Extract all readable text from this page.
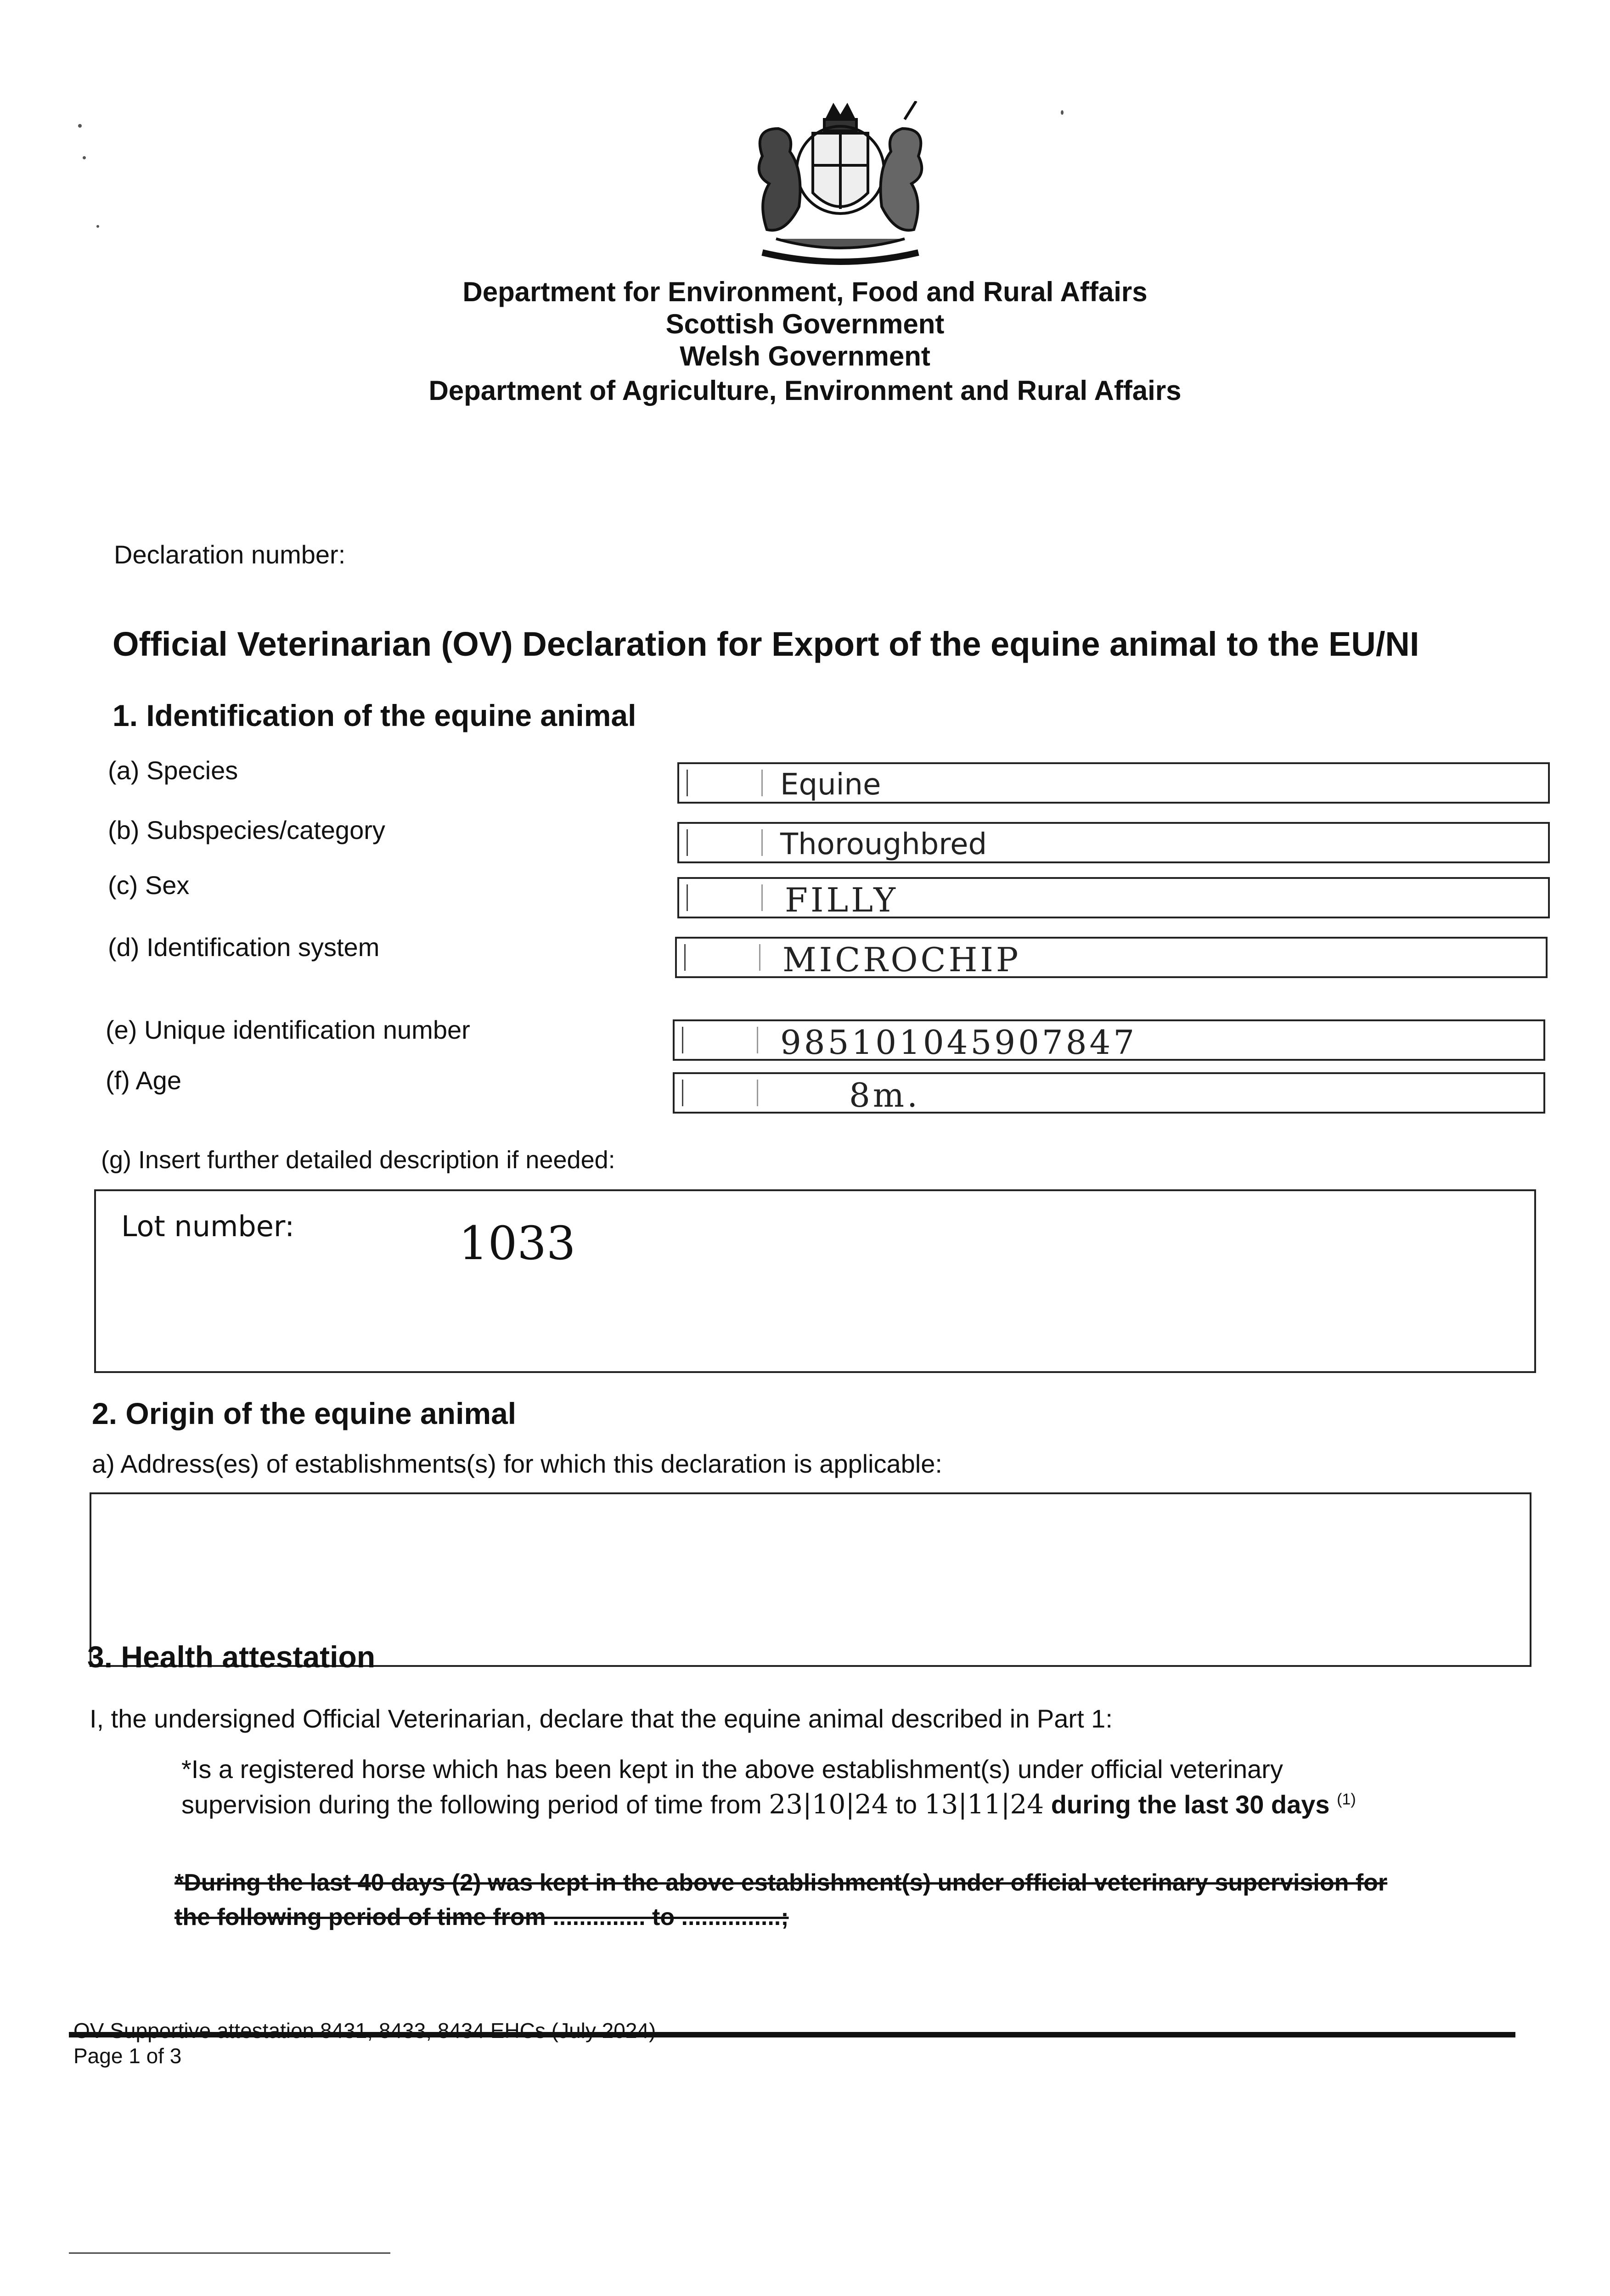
Department for Environment, Food and Rural Affairs
Scottish Government
Welsh Government
Department of Agriculture, Environment and Rural Affairs
Declaration number:
Official Veterinarian (OV) Declaration for Export of the equine animal to the EU/NI
1. Identification of the equine animal
(a) Species	Equine
(b) Subspecies/category	Thoroughbred
(c) Sex	FILLY
(d) Identification system	MICROCHIP
(e) Unique identification number	985101045907847
(f) Age	8m.
(g) Insert further detailed description if needed:
Lot number:	1033
2. Origin of the equine animal
a) Address(es) of establishments(s) for which this declaration is applicable:
3. Health attestation
I, the undersigned Official Veterinarian, declare that the equine animal described in Part 1:
*Is a registered horse which has been kept in the above establishment(s) under official veterinary
supervision during the following period of time from 23|10|24 to 13|11|24 during the last 30 days $^{(1)}$
*During the last 40 days (2) was kept in the above establishment(s) under official veterinary supervision for
the following period of time from .............. to ...............;
OV Supportive attestation 8431, 8433, 8434 EHCs (July 2024)
Page 1 of 3
